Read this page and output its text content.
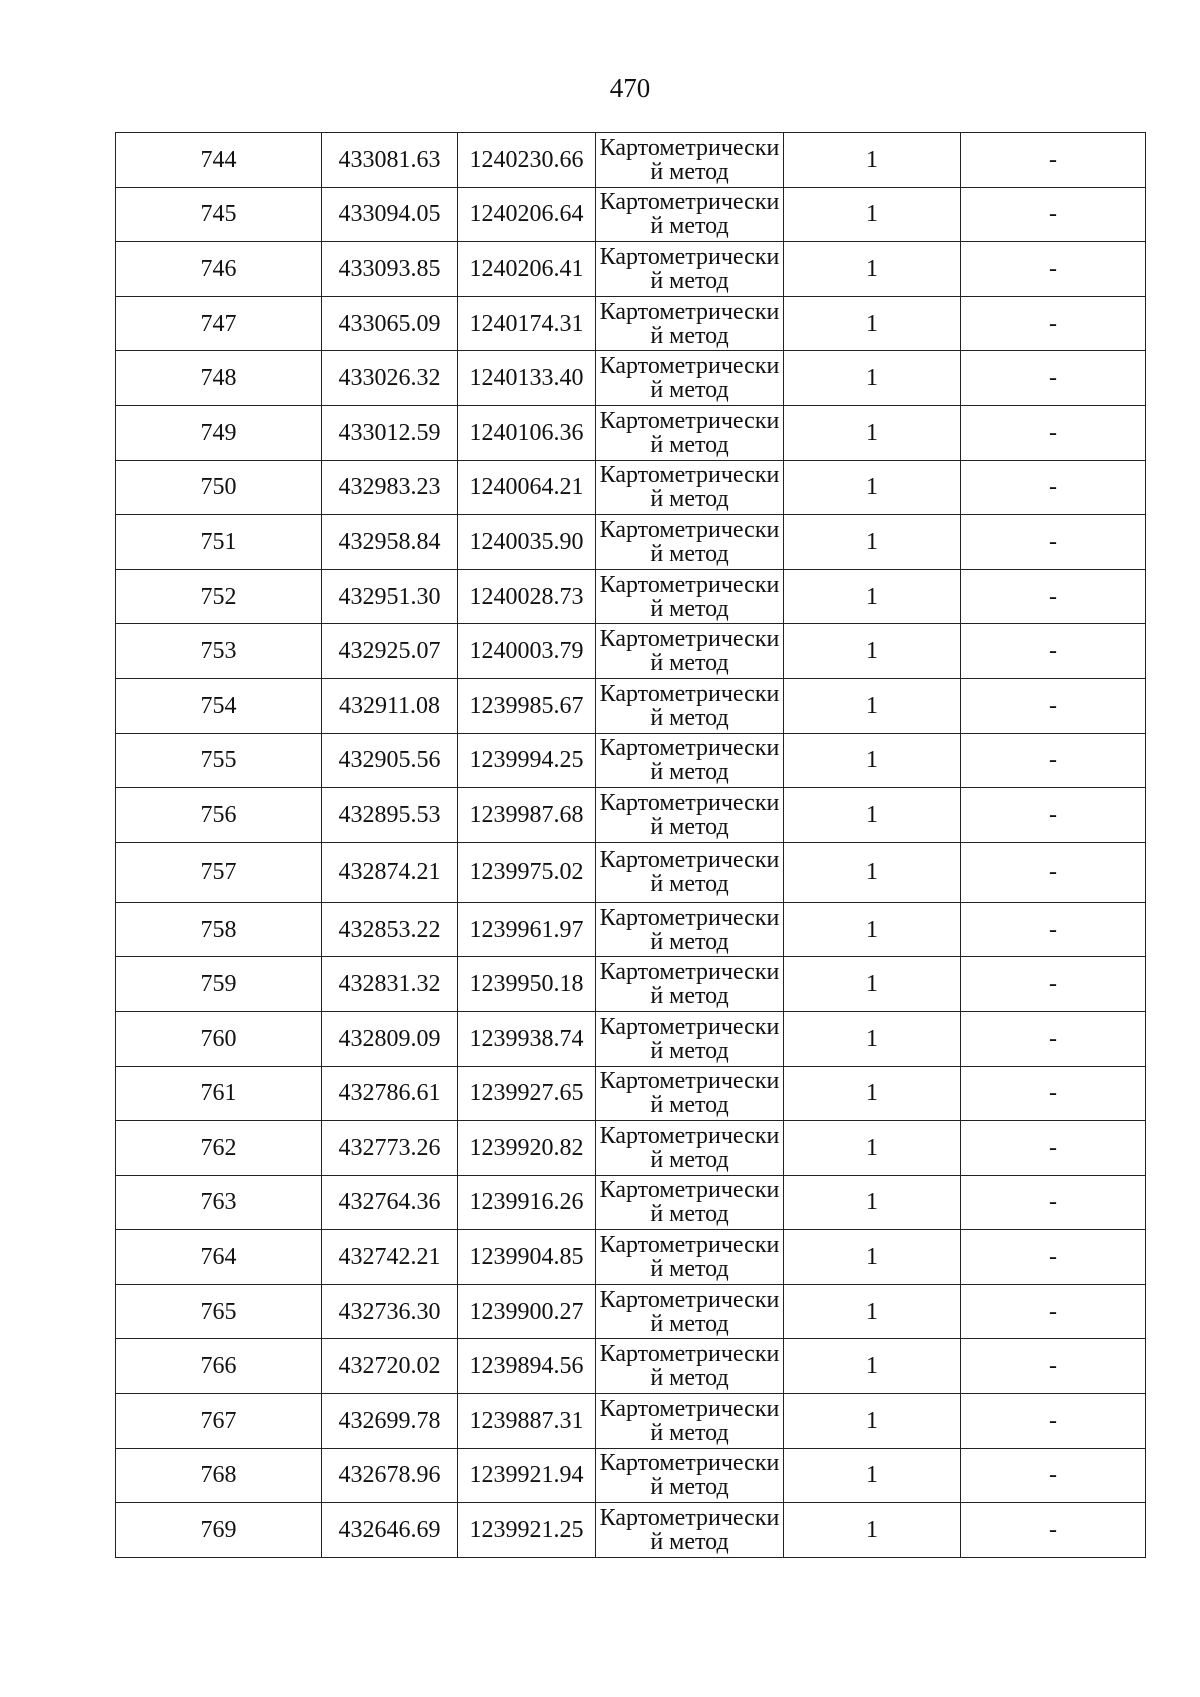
470
744	433081.63	1240230.66	Картометрический метод	1	-
745	433094.05	1240206.64	Картометрический метод	1	-
746	433093.85	1240206.41	Картометрический метод	1	-
747	433065.09	1240174.31	Картометрический метод	1	-
748	433026.32	1240133.40	Картометрический метод	1	-
749	433012.59	1240106.36	Картометрический метод	1	-
750	432983.23	1240064.21	Картометрический метод	1	-
751	432958.84	1240035.90	Картометрический метод	1	-
752	432951.30	1240028.73	Картометрический метод	1	-
753	432925.07	1240003.79	Картометрический метод	1	-
754	432911.08	1239985.67	Картометрический метод	1	-
755	432905.56	1239994.25	Картометрический метод	1	-
756	432895.53	1239987.68	Картометрический метод	1	-
757	432874.21	1239975.02	Картометрический метод	1	-
758	432853.22	1239961.97	Картометрический метод	1	-
759	432831.32	1239950.18	Картометрический метод	1	-
760	432809.09	1239938.74	Картометрический метод	1	-
761	432786.61	1239927.65	Картометрический метод	1	-
762	432773.26	1239920.82	Картометрический метод	1	-
763	432764.36	1239916.26	Картометрический метод	1	-
764	432742.21	1239904.85	Картометрический метод	1	-
765	432736.30	1239900.27	Картометрический метод	1	-
766	432720.02	1239894.56	Картометрический метод	1	-
767	432699.78	1239887.31	Картометрический метод	1	-
768	432678.96	1239921.94	Картометрический метод	1	-
769	432646.69	1239921.25	Картометрический метод	1	-
